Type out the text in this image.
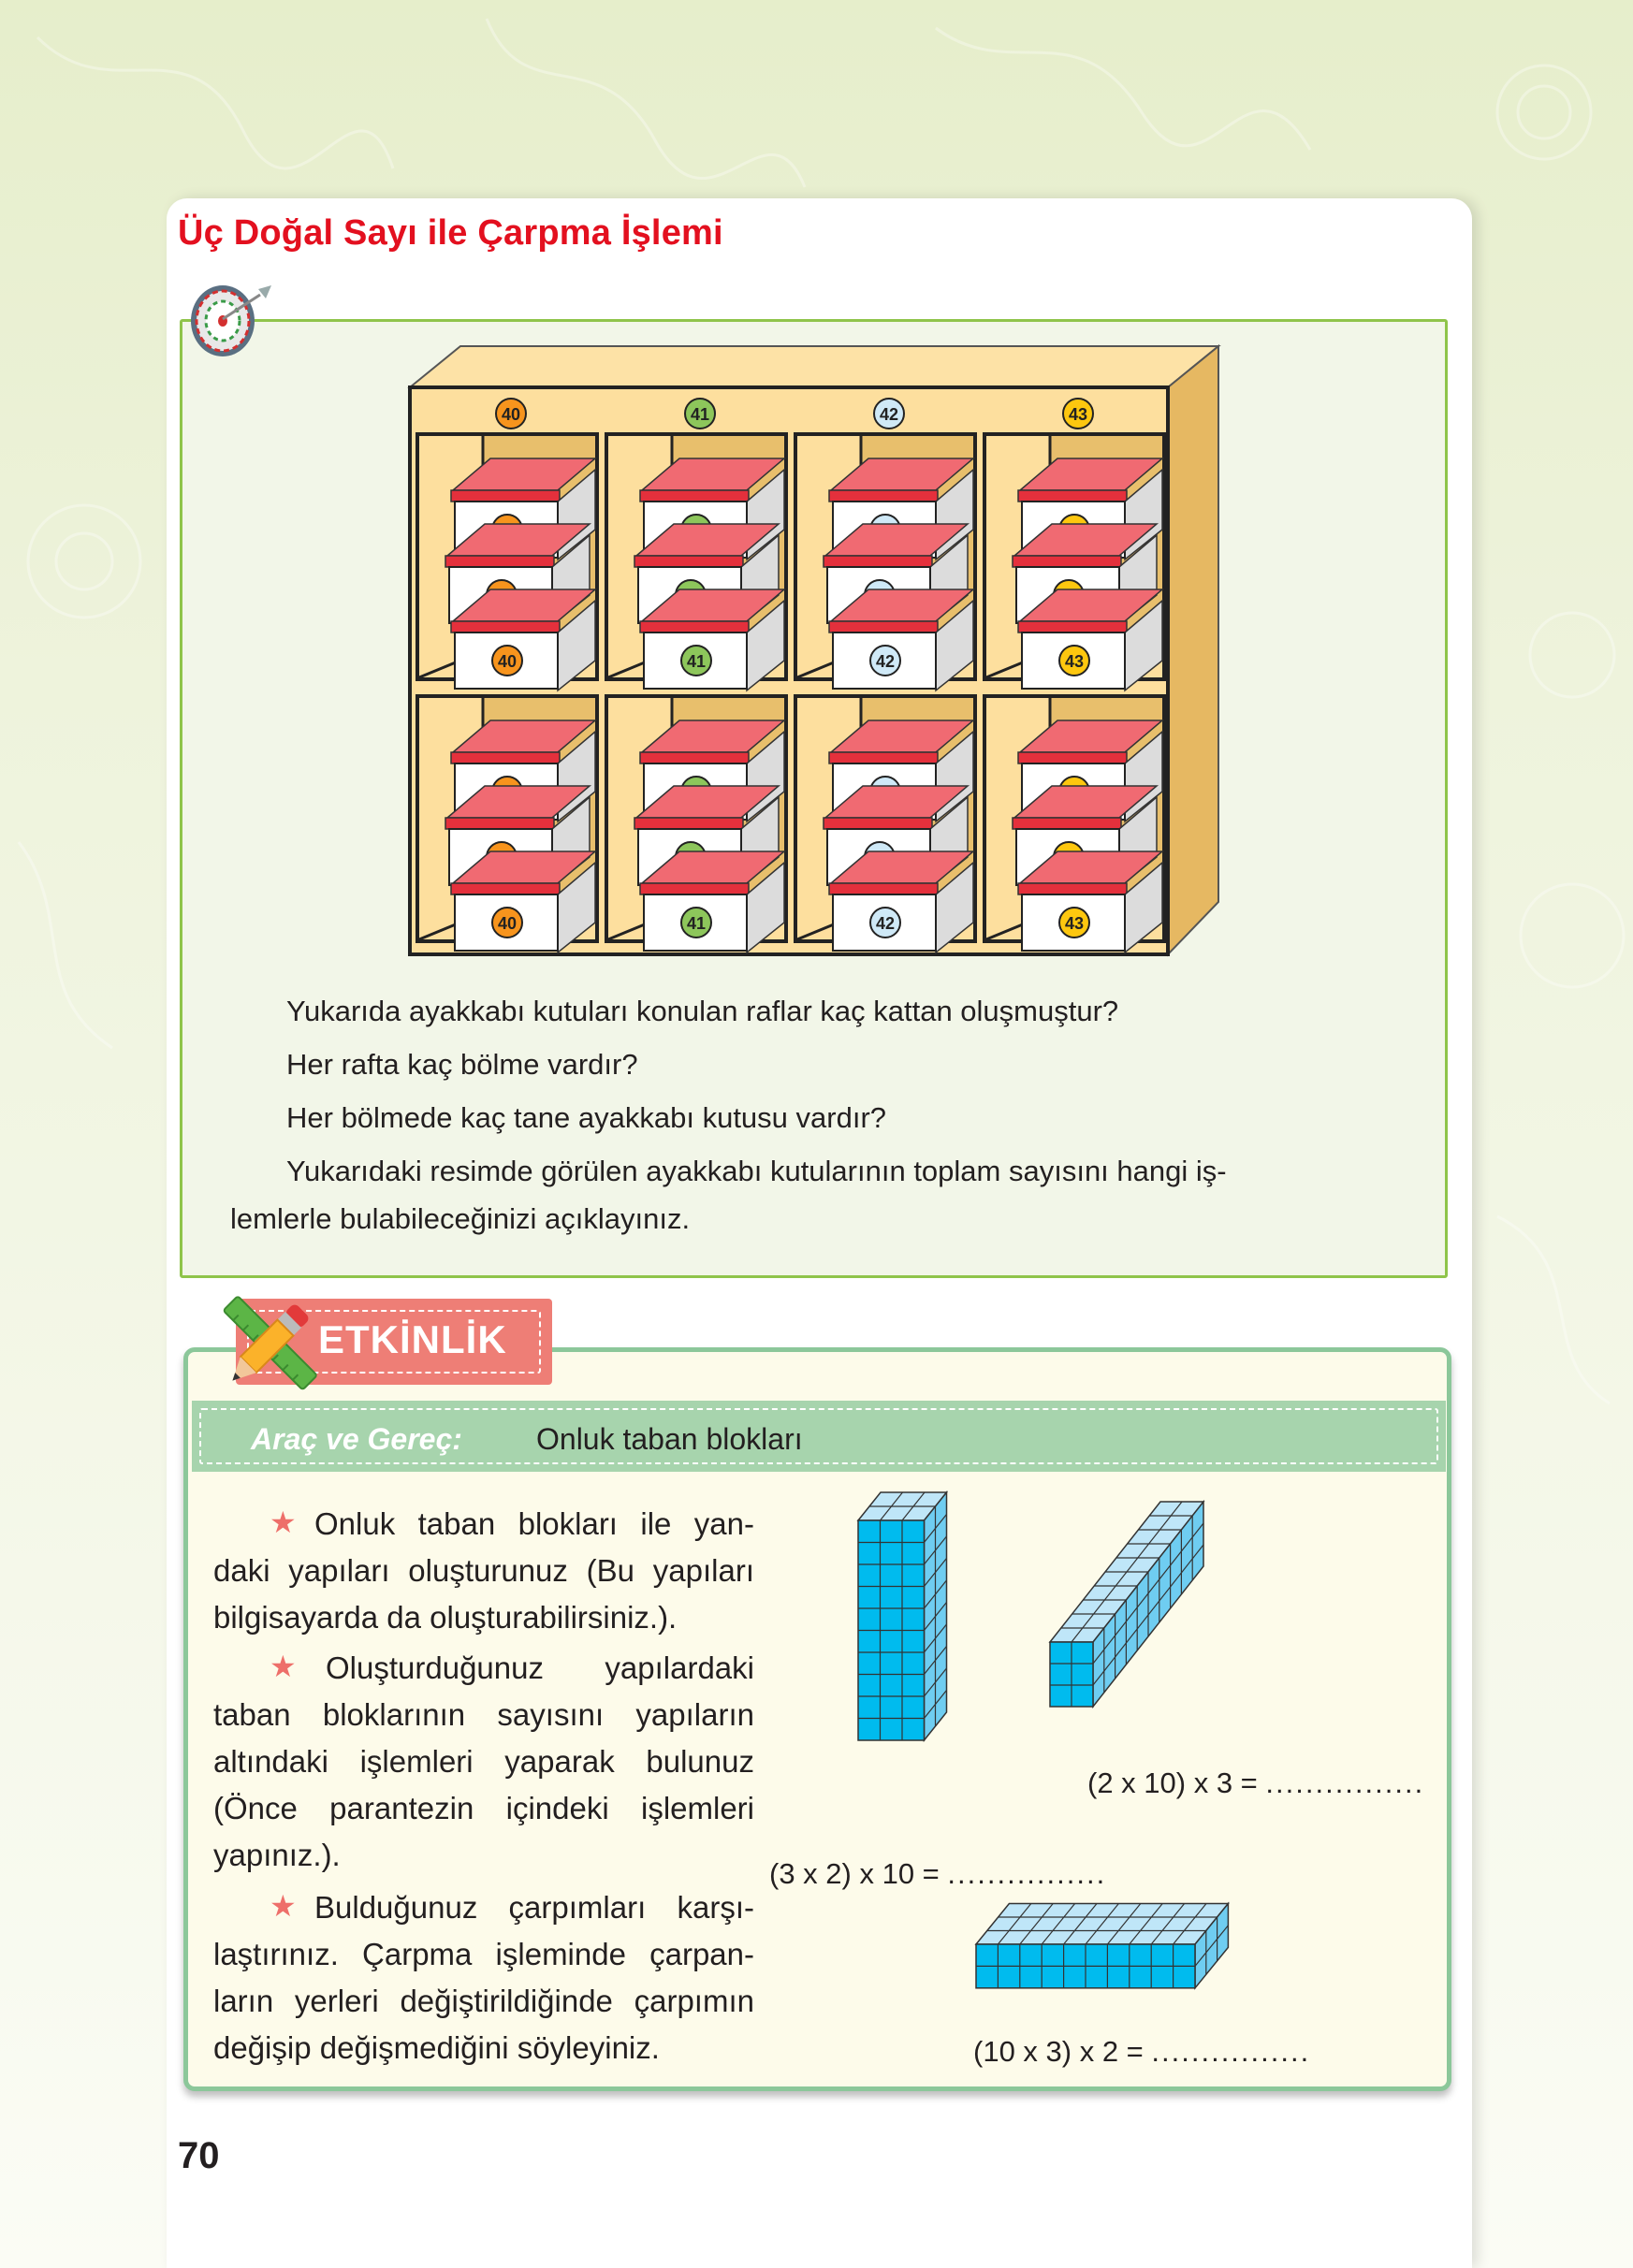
Üç Doğal Sayı ile Çarpma İşlemi
40	41	42	43
40	41	42	43
40	41	42	43
Yukarıda ayakkabı kutuları konulan raflar kaç kattan oluşmuştur?
Her rafta kaç bölme vardır?
Her bölmede kaç tane ayakkabı kutusu vardır?
Yukarıdaki resimde görülen ayakkabı kutularının toplam sayısını hangi iş-
lemlerle bulabileceğinizi açıklayınız.
ETKİNLİK
Araç ve Gereç: Onluk taban blokları
★ Onluk taban blokları ile yan-
daki yapıları oluşturunuz (Bu yapıları
bilgisayarda da oluşturabilirsiniz.).
★ Oluşturduğunuz yapılardaki
taban bloklarının sayısını yapıların
altındaki işlemleri yaparak bulunuz
(Önce parantezin içindeki işlemleri
yapınız.).
★ Bulduğunuz çarpımları karşı-
laştırınız. Çarpma işleminde çarpan-
ların yerleri değiştirildiğinde çarpımın
değişip değişmediğini söyleyiniz.
(3 x 2) x 10 = ................
(2 x 10) x 3 = ................
(10 x 3) x 2 = ................
70
